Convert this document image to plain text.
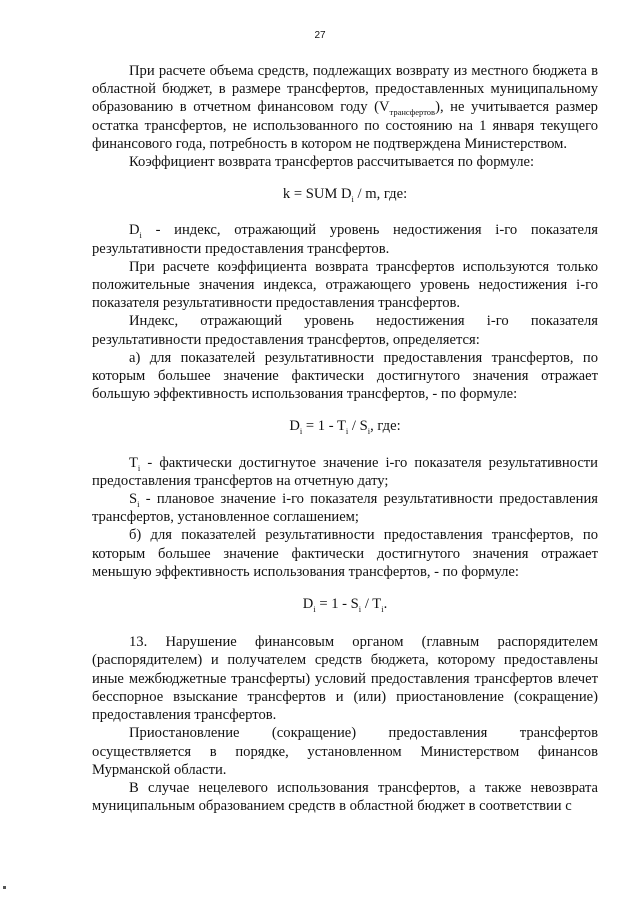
27

При расчете объема средств, подлежащих возврату из местного бюджета в областной бюджет, в размере трансфертов, предоставленных муниципальному образованию в отчетном финансовом году $(V_{трансфертов})$, не учитывается размер остатка трансфертов, не использованного по состоянию на 1 января текущего финансового года, потребность в котором не подтверждена Министерством.

Коэффициент возврата трансфертов рассчитывается по формуле:

k = SUM $D_i$ / m, где:

$D_i$ - индекс, отражающий уровень недостижения i-го показателя результативности предоставления трансфертов.

При расчете коэффициента возврата трансфертов используются только положительные значения индекса, отражающего уровень недостижения i-го показателя результативности предоставления трансфертов.

Индекс, отражающий уровень недостижения i-го показателя результативности предоставления трансфертов, определяется:

а) для показателей результативности предоставления трансфертов, по которым большее значение фактически достигнутого значения отражает большую эффективность использования трансфертов, - по формуле:

$D_i = 1 - T_i / S_i$, где:

$T_i$ - фактически достигнутое значение i-го показателя результативности предоставления трансфертов на отчетную дату;

$S_i$ - плановое значение i-го показателя результативности предоставления трансфертов, установленное соглашением;

б) для показателей результативности предоставления трансфертов, по которым большее значение фактически достигнутого значения отражает меньшую эффективность использования трансфертов, - по формуле:

$D_i = 1 - S_i / T_i$.

13. Нарушение финансовым органом (главным распорядителем (распорядителем) и получателем средств бюджета, которому предоставлены иные межбюджетные трансферты) условий предоставления трансфертов влечет бесспорное взыскание трансфертов и (или) приостановление (сокращение) предоставления трансфертов.

Приостановление (сокращение) предоставления трансфертов осуществляется в порядке, установленном Министерством финансов Мурманской области.

В случае нецелевого использования трансфертов, а также невозврата муниципальным образованием средств в областной бюджет в соответствии с
